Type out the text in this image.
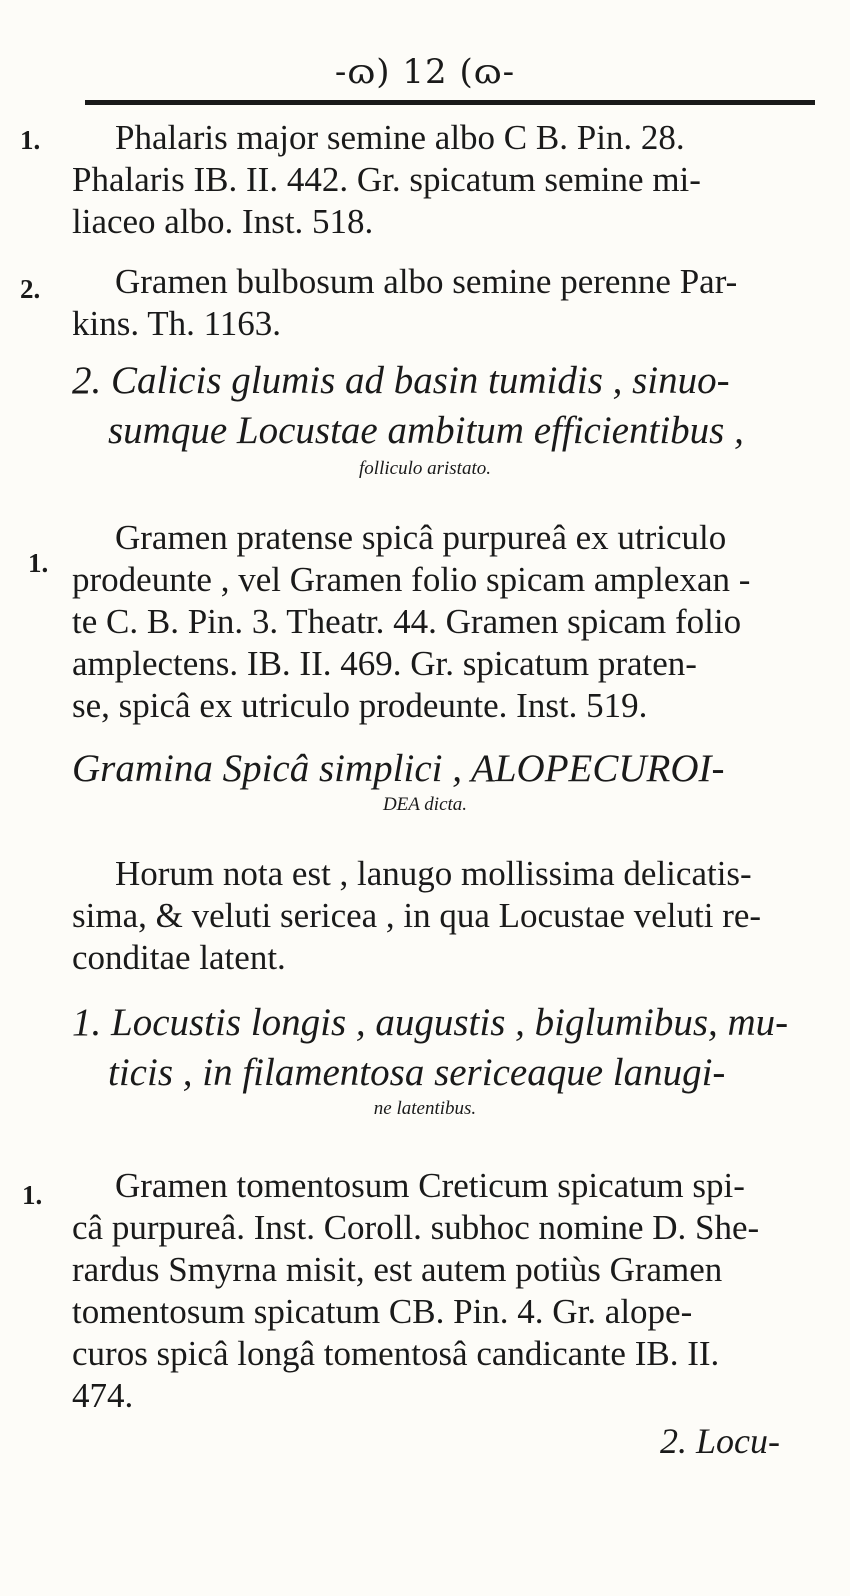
-ɷ) 12 (ɷ-
1. Phalaris major semine albo C B. Pin. 28.
Phalaris IB. II. 442. Gr. spicatum semine mi-
liaceo albo. Inst. 518.
2. Gramen bulbosum albo semine perenne Par-
kins. Th. 1163.
2. Calicis glumis ad basin tumidis , sinuo-
sumque Locustae ambitum efficientibus ,
folliculo aristato.
1.
Gramen pratense spicâ purpureâ ex utriculo
prodeunte , vel Gramen folio spicam amplexan -
te C. B. Pin. 3. Theatr. 44. Gramen spicam folio
amplectens. IB. II. 469. Gr. spicatum praten-
se, spicâ ex utriculo prodeunte. Inst. 519.
Gramina Spicâ simplici , ALOPECUROI-
DEA dicta.
Horum nota est , lanugo mollissima delicatis-
sima, & veluti sericea , in qua Locustae veluti re-
conditae latent.
1. Locustis longis , augustis , biglumibus, mu-
ticis , in filamentosa sericeaque lanugi-
ne latentibus.
1. Gramen tomentosum Creticum spicatum spi-
câ purpureâ. Inst. Coroll. subhoc nomine D. She-
rardus Smyrna misit, est autem potiùs Gramen
tomentosum spicatum CB. Pin. 4. Gr. alope-
curos spicâ longâ tomentosâ candicante IB. II.
474.
2. Locu-
